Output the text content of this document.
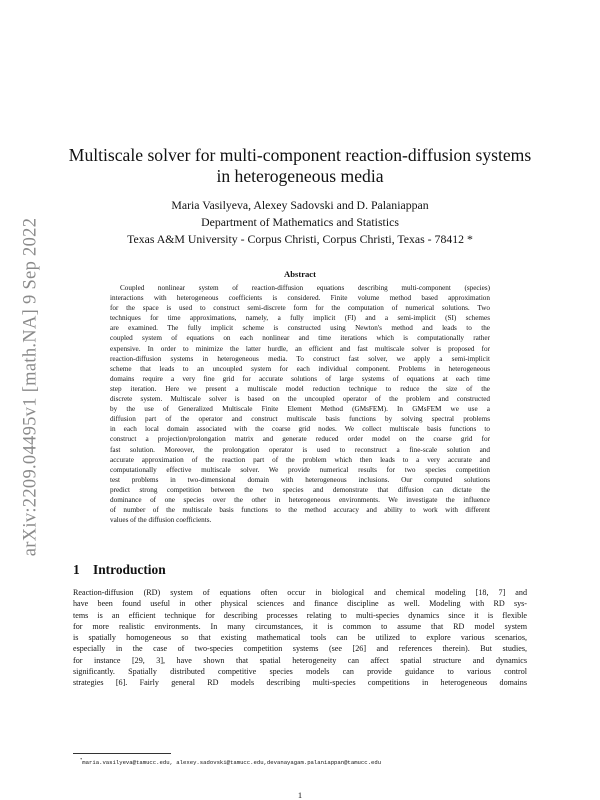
arXiv:2209.04495v1 [math.NA] 9 Sep 2022
Multiscale solver for multi-component reaction-diffusion systems
in heterogeneous media
Maria Vasilyeva, Alexey Sadovski and D. Palaniappan
Department of Mathematics and Statistics
Texas A&M University - Corpus Christi, Corpus Christi, Texas - 78412 *
Abstract
Coupled nonlinear system of reaction-diffusion equations describing multi-component (species)
interactions with heterogeneous coefficients is considered. Finite volume method based approximation
for the space is used to construct semi-discrete form for the computation of numerical solutions. Two
techniques for time approximations, namely, a fully implicit (FI) and a semi-implicit (SI) schemes
are examined. The fully implicit scheme is constructed using Newton's method and leads to the
coupled system of equations on each nonlinear and time iterations which is computationally rather
expensive. In order to minimize the latter hurdle, an efficient and fast multiscale solver is proposed for
reaction-diffusion systems in heterogeneous media. To construct fast solver, we apply a semi-implicit
scheme that leads to an uncoupled system for each individual component. Problems in heterogeneous
domains require a very fine grid for accurate solutions of large systems of equations at each time
step iteration. Here we present a multiscale model reduction technique to reduce the size of the
discrete system. Multiscale solver is based on the uncoupled operator of the problem and constructed
by the use of Generalized Multiscale Finite Element Method (GMsFEM). In GMsFEM we use a
diffusion part of the operator and construct multiscale basis functions by solving spectral problems
in each local domain associated with the coarse grid nodes. We collect multiscale basis functions to
construct a projection/prolongation matrix and generate reduced order model on the coarse grid for
fast solution. Moreover, the prolongation operator is used to reconstruct a fine-scale solution and
accurate approximation of the reaction part of the problem which then leads to a very accurate and
computationally effective multiscale solver. We provide numerical results for two species competition
test problems in two-dimensional domain with heterogeneous inclusions. Our computed solutions
predict strong competition between the two species and demonstrate that diffusion can dictate the
dominance of one species over the other in heterogeneous environments. We investigate the influence
of number of the multiscale basis functions to the method accuracy and ability to work with different
values of the diffusion coefficients.
1 Introduction
Reaction-diffusion (RD) system of equations often occur in biological and chemical modeling [18, 7] and
have been found useful in other physical sciences and finance discipline as well. Modeling with RD sys-
tems is an efficient technique for describing processes relating to multi-species dynamics since it is flexible
for more realistic environments. In many circumstances, it is common to assume that RD model system
is spatially homogeneous so that existing mathematical tools can be utilized to explore various scenarios,
especially in the case of two-species competition systems (see [26] and references therein). But studies,
for instance [29, 3], have shown that spatial heterogeneity can affect spatial structure and dynamics
significantly. Spatially distributed competitive species models can provide guidance to various control
strategies [6]. Fairly general RD models describing multi-species competitions in heterogeneous domains
*maria.vasilyeva@tamucc.edu, alexey.sadovski@tamucc.edu,devanayagam.palaniappan@tamucc.edu
1
